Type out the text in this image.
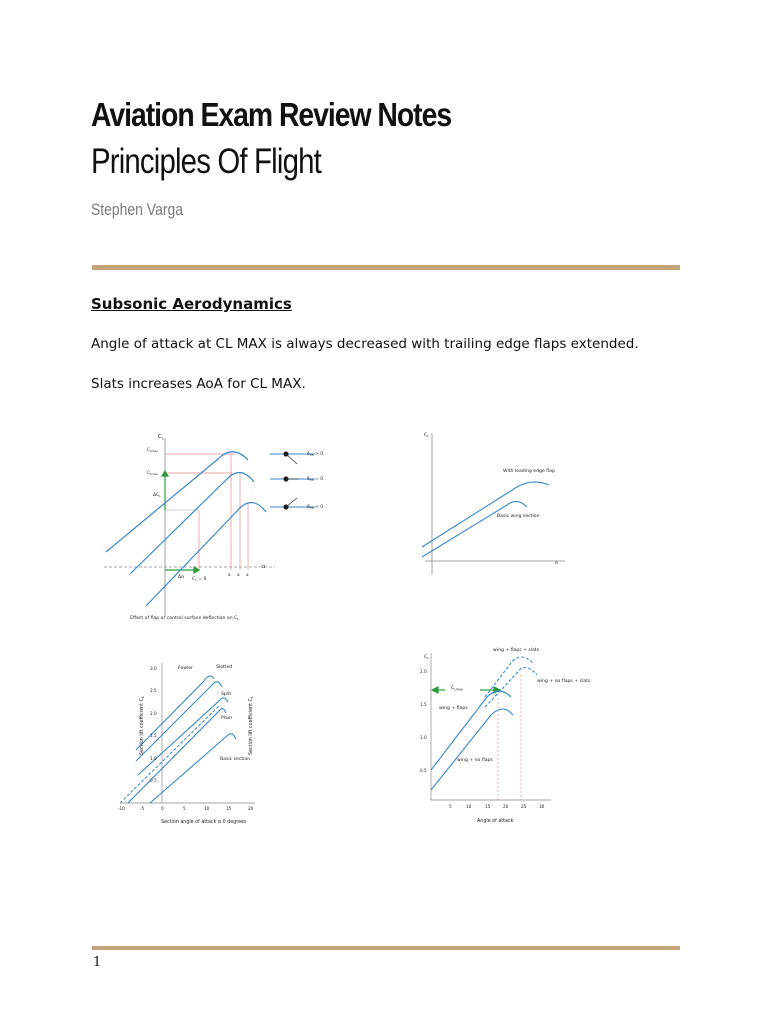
Aviation Exam Review Notes
Principles Of Flight
Stephen Varga
Subsonic Aerodynamics
Angle of attack at CL MAX is always decreased with trailing edge flaps extended.
Slats increases AoA for CL MAX.
$C_L$
$C_{Lmax}$
$C_{Lmax}$
$\Delta C_L$
α
Δα $C_L = 0$
α α α
$\delta_{FB} > 0$
$\delta_{FB} = 0$
$\delta_{FB} < 0$
Effect of flap or control surface deflection on $C_L$
$C_L$
α
With leading edge flap
Basic wing section
-10	-5	0	5	10	15	20
0.5
1.0
1.5
2.0
2.5
3.0	Fowler	Slotted
Split
Plain
Basic section
Section angle of attack α 0 degrees
Section lift coefficient $C_L$
Section lift coefficient $C_L$
$C_L$
2.0
1.5
1.0
0.5
5	10	15	20	25	30
wing + flaps + slats
wing + no flaps + slats
wing + flaps
wing + no flaps
$C_{Lmax}$
Angle of attack
1
